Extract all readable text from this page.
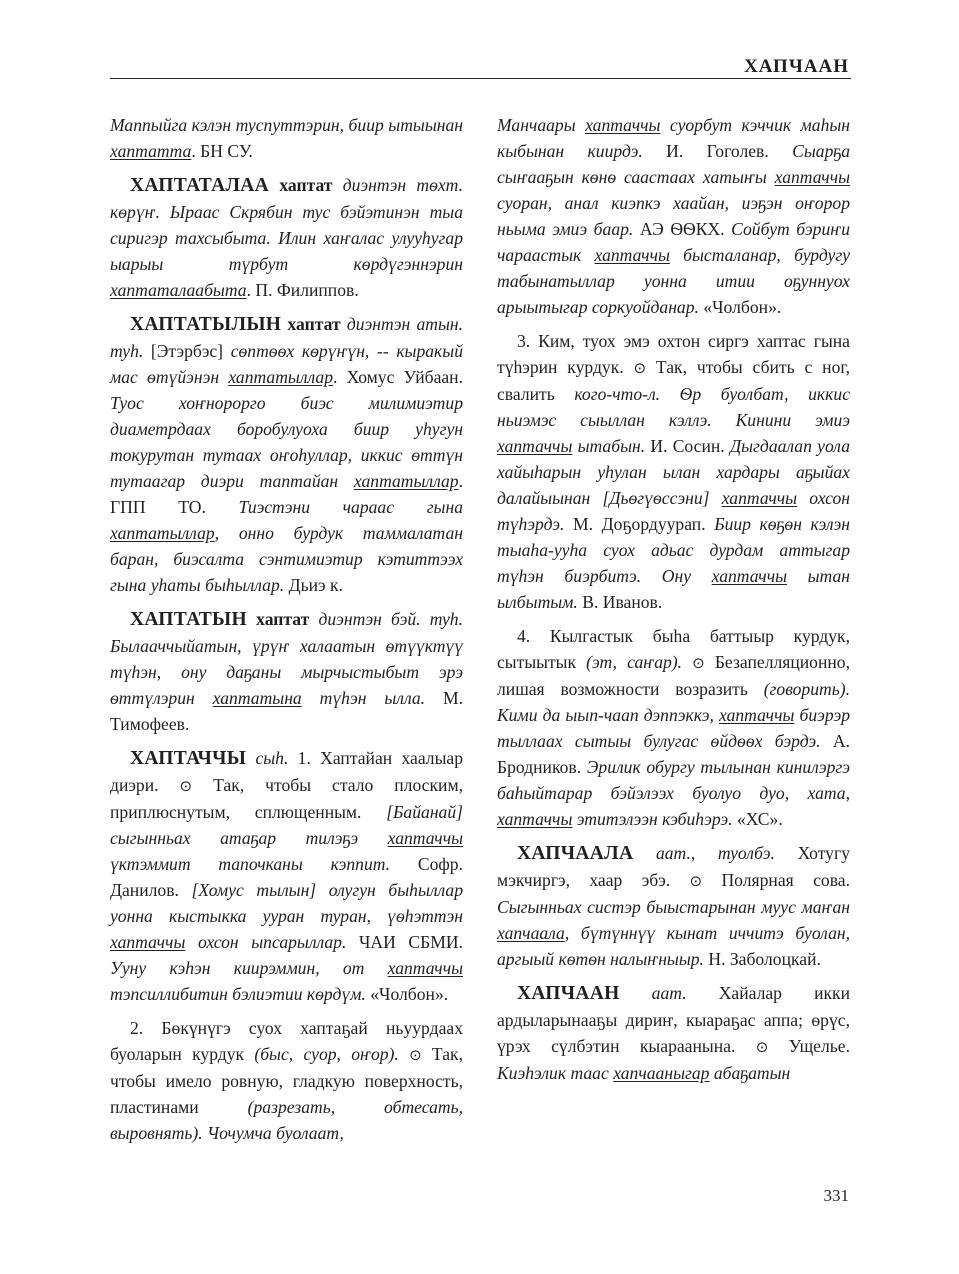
ХАПЧААН

Маппыйга кэлэн туспуттэрин, биир ытыынан хаптатта. БН СУ.

ХАПТАТАЛАА хаптат диэнтэн тѳхт. кѳрүҥ. Ыраас Скрябин тус бэйэтинэн тыа сиригэр тахсыбыта. Илин хаҥалас улууһугар ыарыы түрбут кѳрдүгэннэрин хаптаталаабыта. П. Филиппов.

ХАПТАТЫЛЫН хаптат диэнтэн атын. туһ. [Этэрбэс] сѳптѳѳх кѳрүҥүн, -- кыракый мас ѳтүйэнэн хаптатыллар. Хомус Уйбаан. Туос хоҥнорорго биэс милимиэтир диаметрдаах боробулуоха биир уһугун токурутан тутаах оҥоһуллар, иккис ѳттүн тутаагар диэри таптайан хаптатыллар. ГПП ТО. Тиэстэни чараас гына хаптатыллар, онно бурдук таммалатан баран, биэсалта сэнтимиэтир кэтиттээх гына уһаты быһыллар. Дьиэ к.

ХАПТАТЫН хаптат диэнтэн бэй. туһ. Былааччыйатын, үрүҥ халаатын ѳтүүктүү түһэн, ону даҕаны мырчыстыбыт эрэ ѳттүлэрин хаптатына түһэн ылла. М. Тимофеев.

ХАПТАЧЧЫ сыһ. 1. Хаптайан хаалыар диэри. ⊙ Так, чтобы стало плоским, приплюснутым, сплющенным. [Байанай] сыгынньах атаҕар тилэҕэ хаптаччы үктэммит тапочканы кэппит. Софр. Данилов. [Хомус тылын] олугун быһыллар уонна кыстыкка ууран туран, үѳһэттэн хаптаччы охсон ыпсарыллар. ЧАИ СБМИ. Ууну кэһэн киирэммин, от хаптаччы тэпсиллибитин бэлиэтии кѳрдүм. «Чолбон».

2. Бѳкүнүгэ суох хаптаҕай ньуурдаах буоларын курдук (быс, суор, оҥор). ⊙ Так, чтобы имело ровную, гладкую поверхность, пластинами (разрезать, обтесать, выровнять). Чочумча буолаат,

Манчаары хаптаччы суорбут кэччик маһын кыбынан киирдэ. И. Гоголев. Сыарҕа сыҥааҕын кѳнѳ саастаах хатыҥы хаптаччы суоран, анал киэпкэ хаайан, иэҕэн оҥорор ньыма эмиэ баар. АЭ ѲѲКХ. Сойбут бэриҥи чараастык хаптаччы бысталанар, бурдугу табынатыллар уонна итии оҕуннуох арыытыгар соркуойданар. «Чолбон».

3. Ким, туох эмэ охтон сиргэ хаптас гына түһэрин курдук. ⊙ Так, чтобы сбить с ног, свалить кого-что-л. Ѳр буолбат, иккис ньиэмэс сыыллан кэллэ. Кинини эмиэ хаптаччы ытабын. И. Сосин. Дыгдаалап уола хайыһарын уһулан ылан хардары аҕыйах далайыынан [Дьѳгүѳссэни] хаптаччы охсон түһэрдэ. М. Доҕордуурап. Биир кѳҕѳн кэлэн тыаһа-ууһа суох адьас дурдам аттыгар түһэн биэрбитэ. Ону хаптаччы ытан ылбытым. В. Иванов.

4. Кылгастык быһа баттыыр курдук, сытыытык (эт, саҥар). ⊙ Безапелляционно, лишая возможности возразить (говорить). Кими да ыып-чаап дэппэккэ, хаптаччы биэрэр тыллаах сытыы булугас ѳйдѳѳх бэрдэ. А. Бродников. Эрилик обургу тылынан кинилэргэ баһыйтарар бэйэлээх буолуо дуо, хата, хаптаччы этитэлээн кэбиһэрэ. «ХС».

ХАПЧААЛА аат., туолбэ. Хотугу мэкчиргэ, хаар эбэ. ⊙ Полярная сова. Сыгынньах систэр быыстарынан муус маҥан хапчаала, бүтүннүү кынат иччитэ буолан, аргыый кѳтѳн налыҥныыр. Н. Заболоцкай.

ХАПЧААН аат. Хайалар икки ардыларынааҕы дириҥ, кыараҕас аппа; ѳрүс, үрэх сүлбэтин кыараанына. ⊙ Ущелье. Киэһэлик таас хапчааныгар абаҕатын

331
